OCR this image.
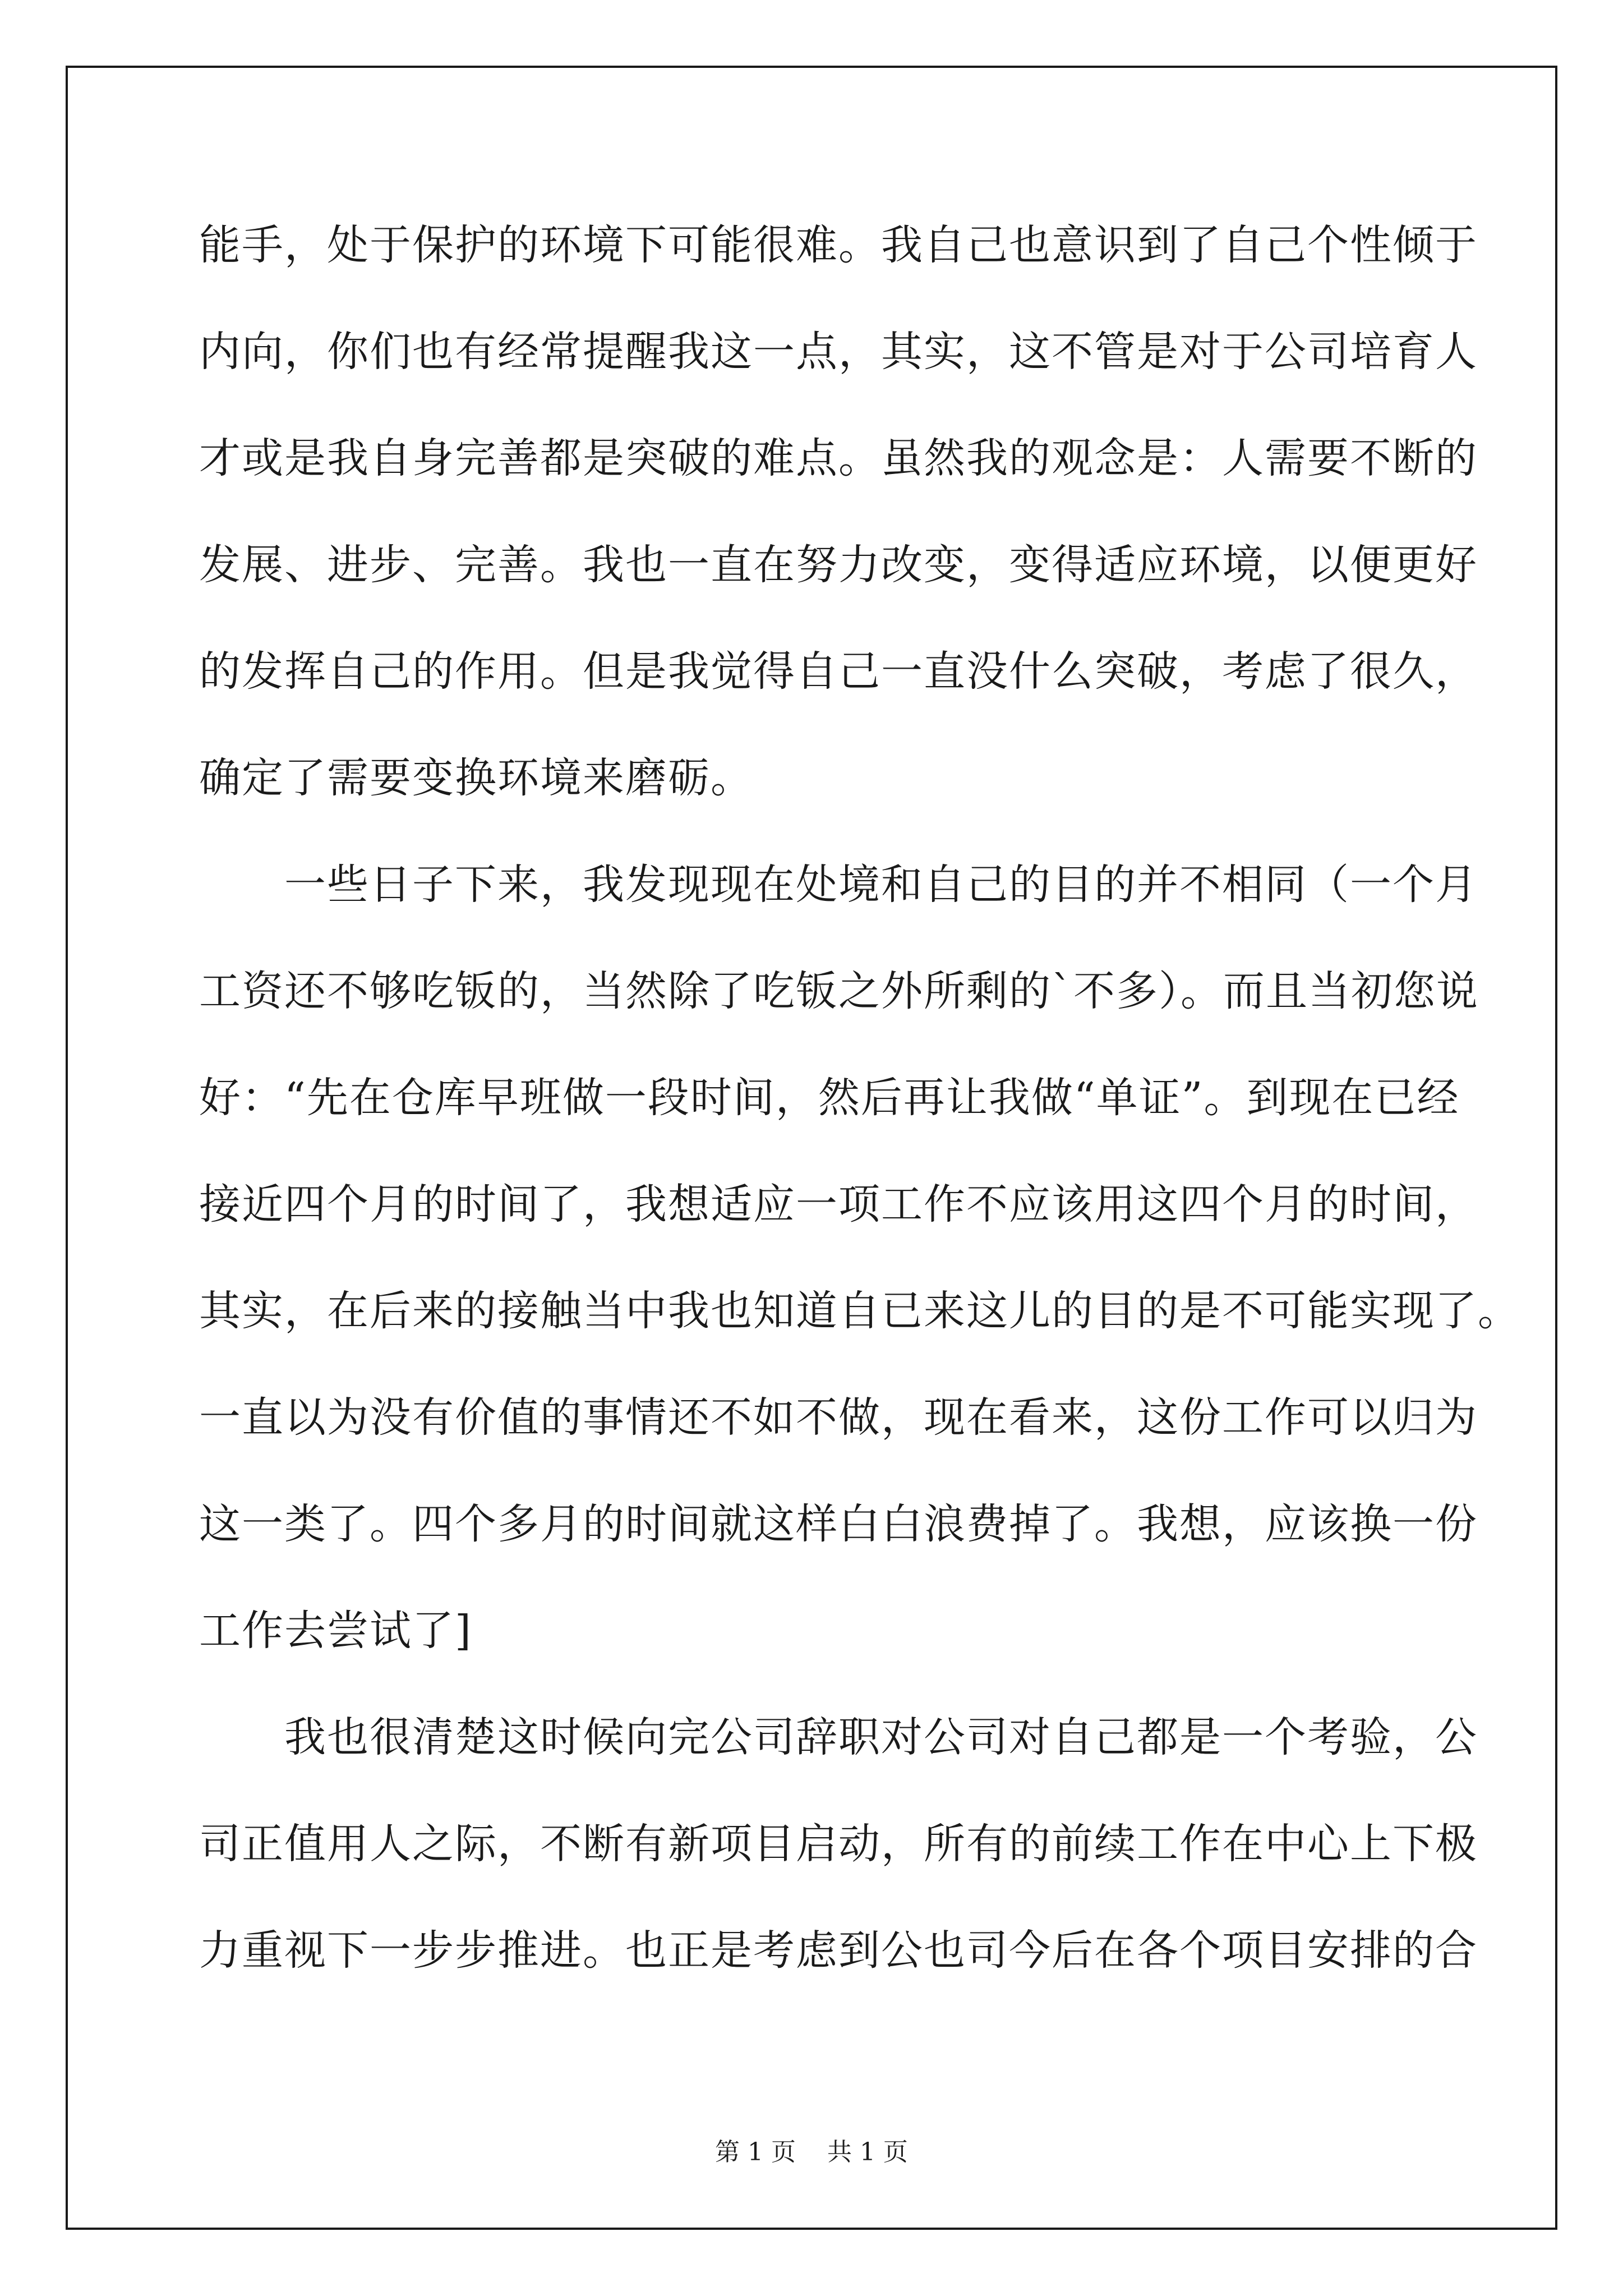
能手，处于保护的环境下可能很难。我自己也意识到了自己个性倾于
内向，你们也有经常提醒我这一点，其实，这不管是对于公司培育人
才或是我自身完善都是突破的难点。虽然我的观念是：人需要不断的
发展、进步、完善。我也一直在努力改变，变得适应环境，以便更好
的发挥自己的作用。但是我觉得自己一直没什么突破，考虑了很久，
确定了需要变换环境来磨砺。
　　一些日子下来，我发现现在处境和自己的目的并不相同（一个月
工资还不够吃钣的，当然除了吃钣之外所剩的`不多）。而且当初您说
好：“先在仓库早班做一段时间，然后再让我做“单证”。到现在已经
接近四个月的时间了，我想适应一项工作不应该用这四个月的时间，
其实，在后来的接触当中我也知道自已来这儿的目的是不可能实现了。
一直以为没有价值的事情还不如不做，现在看来，这份工作可以归为
这一类了。四个多月的时间就这样白白浪费掉了。我想，应该换一份
工作去尝试了]
　　我也很清楚这时候向完公司辞职对公司对自己都是一个考验，公
司正值用人之际，不断有新项目启动，所有的前续工作在中心上下极
力重视下一步步推进。也正是考虑到公也司今后在各个项目安排的合
第 1 页    共 1 页
